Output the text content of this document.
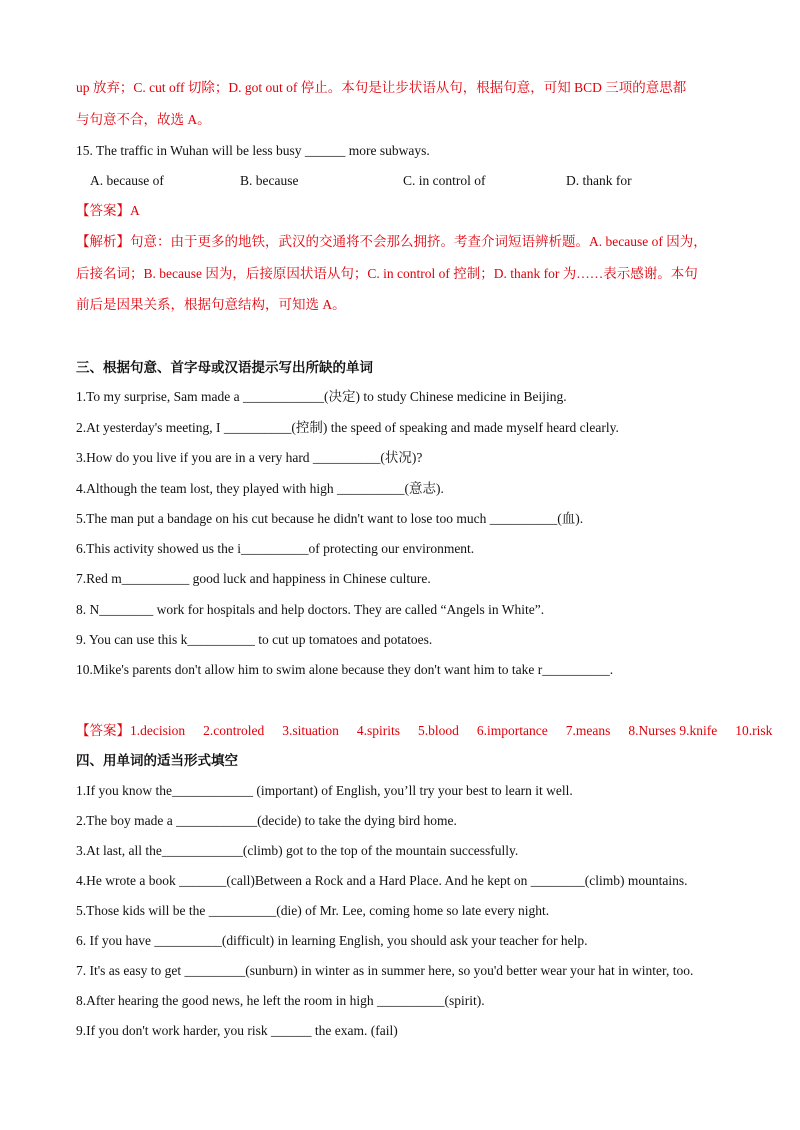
up 放弃；C. cut off 切除；D. got out of 停止。本句是让步状语从句，根据句意，可知 BCD 三项的意思都
与句意不合，故选 A。
15. The traffic in Wuhan will be less busy ______ more subways.
A. because of	B. because	C. in control of	D. thank for
【答案】A
【解析】句意：由于更多的地铁，武汉的交通将不会那么拥挤。考查介词短语辨析题。A. because of 因为，
后接名词；B. because 因为，后接原因状语从句；C. in control of 控制；D. thank for 为……表示感谢。本句
前后是因果关系，根据句意结构，可知选 A。
三、根据句意、首字母或汉语提示写出所缺的单词
1.To my surprise, Sam made a ____________(决定) to study Chinese medicine in Beijing.
2.At yesterday's meeting, I __________(控制) the speed of speaking and made myself heard clearly.
3.How do you live if you are in a very hard __________(状况)?
4.Although the team lost, they played with high __________(意志).
5.The man put a bandage on his cut because he didn't want to lose too much __________(血).
6.This activity showed us the i__________of protecting our environment.
7.Red m__________ good luck and happiness in Chinese culture.
8. N________ work for hospitals and help doctors. They are called “Angels in White”.
9. You can use this k__________ to cut up tomatoes and potatoes.
10.Mike's parents don't allow him to swim alone because they don't want him to take r__________.
【答案】1.decision 2.controled 3.situation 4.spirits 5.blood 6.importance 7.means 8.Nurses 9.knife 10.risk
四、用单词的适当形式填空
1.If you know the____________ (important) of English, you’ll try your best to learn it well.
2.The boy made a ____________(decide) to take the dying bird home.
3.At last, all the____________(climb) got to the top of the mountain successfully.
4.He wrote a book _______(call)Between a Rock and a Hard Place. And he kept on ________(climb) mountains.
5.Those kids will be the __________(die) of Mr. Lee, coming home so late every night.
6. If you have __________(difficult) in learning English, you should ask your teacher for help.
7. It's as easy to get _________(sunburn) in winter as in summer here, so you'd better wear your hat in winter, too.
8.After hearing the good news, he left the room in high __________(spirit).
9.If you don't work harder, you risk ______ the exam. (fail)
